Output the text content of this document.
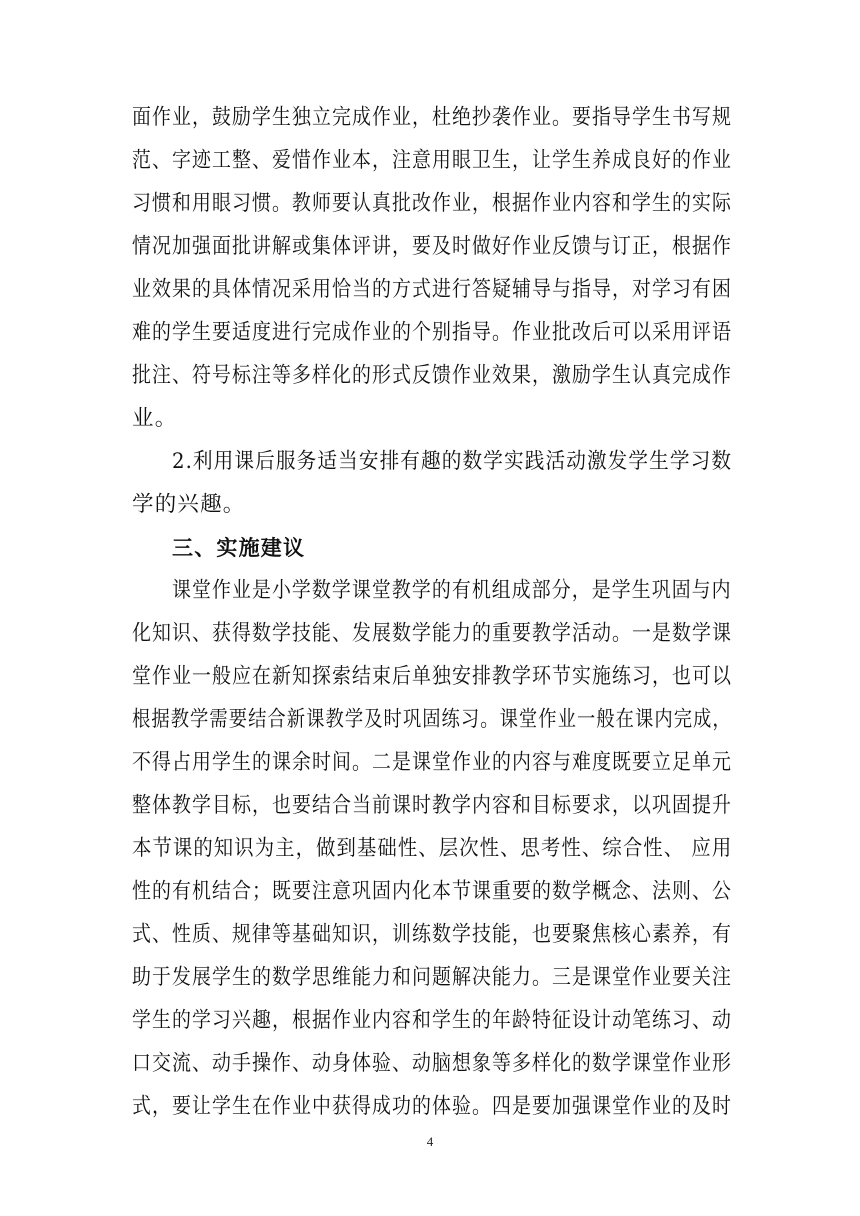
面作业，鼓励学生独立完成作业，杜绝抄袭作业。要指导学生书写规
范、字迹工整、爱惜作业本，注意用眼卫生，让学生养成良好的作业
习惯和用眼习惯。教师要认真批改作业，根据作业内容和学生的实际
情况加强面批讲解或集体评讲，要及时做好作业反馈与订正，根据作
业效果的具体情况采用恰当的方式进行答疑辅导与指导，对学习有困
难的学生要适度进行完成作业的个别指导。作业批改后可以采用评语
批注、符号标注等多样化的形式反馈作业效果，激励学生认真完成作
业。
2.利用课后服务适当安排有趣的数学实践活动激发学生学习数
学的兴趣。
三、实施建议
课堂作业是小学数学课堂教学的有机组成部分，是学生巩固与内
化知识、获得数学技能、发展数学能力的重要教学活动。一是数学课
堂作业一般应在新知探索结束后单独安排教学环节实施练习，也可以
根据教学需要结合新课教学及时巩固练习。课堂作业一般在课内完成，
不得占用学生的课余时间。二是课堂作业的内容与难度既要立足单元
整体教学目标，也要结合当前课时教学内容和目标要求，以巩固提升
本节课的知识为主，做到基础性、层次性、思考性、综合性、 应用
性的有机结合；既要注意巩固内化本节课重要的数学概念、法则、公
式、性质、规律等基础知识，训练数学技能，也要聚焦核心素养，有
助于发展学生的数学思维能力和问题解决能力。三是课堂作业要关注
学生的学习兴趣，根据作业内容和学生的年龄特征设计动笔练习、动
口交流、动手操作、动身体验、动脑想象等多样化的数学课堂作业形
式，要让学生在作业中获得成功的体验。四是要加强课堂作业的及时
4
